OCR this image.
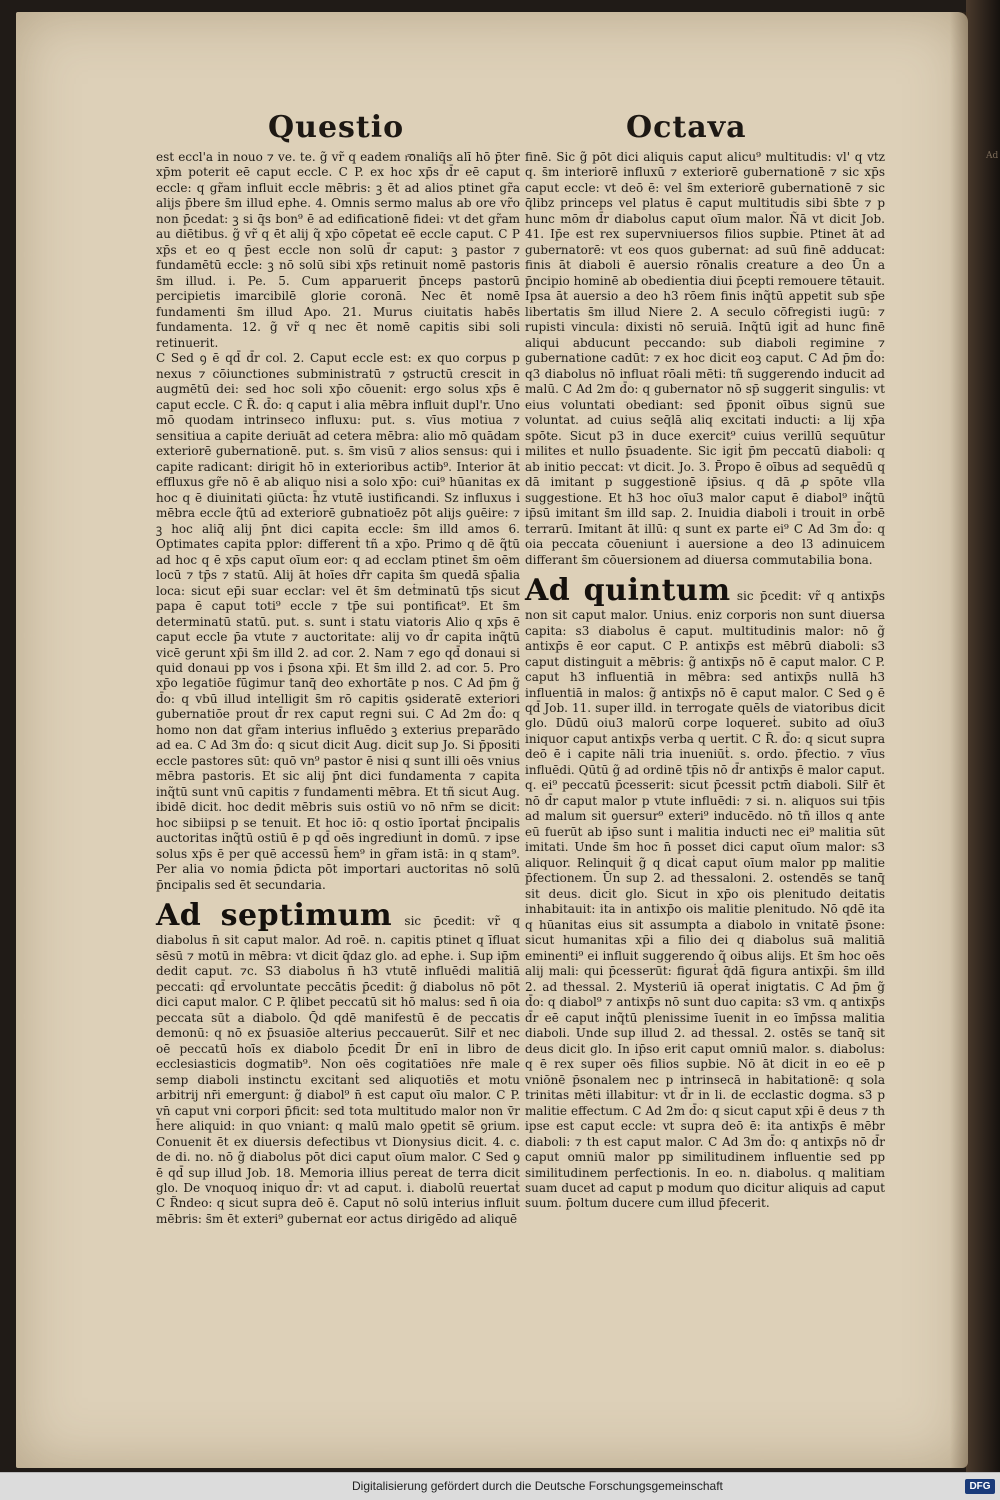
Ad
Questio	Octava

est eccl'a in nouo ⁊ ve. te. g̃ vr̃ q eadem r͞onaliq̄s alī hō p̄ter xp̄m poterit eē caput eccle. C P. ex hoc xp̄s d̄r eē caput eccle: q gr̃am influit eccle mēbris: ꝫ ēt ad alios ptinet gr̃a alijs p̄bere s̄m illud ephe. 4. Omnis sermo malus ab ore vr̃o non p̄cedat: ꝫ si q̄s bon⁹ ē ad edificationē fidei: vt det gr̃am au diētibus. g̃ vr̃ q ēt alij q̃ xp̄o cōpetat eē eccle caput. C P xp̄s et eo q p̄est eccle non solū d̄r caput: ꝫ pastor ⁊ fundamētū eccle: ꝫ nō solū sibi xp̄s retinuit nomē pastoris s̄m illud. i. Pe. 5. Cum apparuerit p̄nceps pastorū percipietis imarcibilē glorie coronā. Nec ēt nomē fundamenti s̄m illud Apo. 21. Murus ciuitatis habēs fundamenta. 12. g̃ vr̃ q nec ēt nomē capitis sibi soli retinuerit.

C Sed ꝯ ē qd̄ d̄r col. 2. Caput eccle est: ex quo corpus p nexus ⁊ cōiunctiones subministratū ⁊ ꝯstructū crescit in augmētū dei: sed hoc soli xp̄o cōuenit: ergo solus xp̄s ē caput eccle. C R̃. d̄o: q caput i alia mēbra influit dupl'r. Uno mō quodam intrinseco influxu: put. s. vīus motiua ⁊ sensitiua a capite deriuāt ad cetera mēbra: alio mō quādam exteriorē gubernationē. put. s. s̄m visū ⁊ alios sensus: qui i capite radicant: dirigit hō in exterioribus actib⁹. Interior āt effluxus gr̃e nō ē ab aliquo nisi a solo xp̄o: cui⁹ hūanitas ex hoc q ē diuinitati ꝯiūcta: h̄z vtutē iustificandi. Sz influxus i mēbra eccle q̃tū ad exteriorē gubnatioēz pōt alijs ꝯuēire: ⁊ ꝫ hoc aliq̄ alij p̄nt dici capita eccle: s̄m illd amos 6. Optimates capita pplor: differenṫ tñ a xp̄o. Primo q dē q̃tū ad hoc q ē xp̄s caput oīum eor: q ad ecclam ptinet s̄m oēm locū ⁊ tp̄s ⁊ statū. Alij āt hoīes dr̄r capita s̄m quedā sp̄alia loca: sicut ep̄i suar ecclar: vel ēt s̄m deṫminatū tp̄s sicut papa ē caput toti⁹ eccle ⁊ tp̄e sui pontificat⁹. Et s̄m determinatū statū. put. s. sunt i statu viatoris Alio q xp̄s ē caput eccle p̄a vtute ⁊ auctoritate: alij vo d̄r capita inq̃tū vicē gerunt xp̄i s̄m illd 2. ad cor. 2. Nam ⁊ ego qd̄ donaui si quid donaui pp vos i p̄sona xp̄i. Et s̄m illd 2. ad cor. 5. Pro xp̄o legatiōe fūgimur tanq̄ deo exhortāte p nos. C Ad p̄m g̃ d̄o: q vbū illud intelligit s̄m rō capitis ꝯsideratē exteriori gubernatiōe prout d̄r rex caput regni sui. C Ad 2m d̄o: q homo non dat gr̃am interius influēdo ꝫ exterius preparādo ad ea. C Ad 3m d̄o: q sicut dicit Aug. dicit sup Jo. Si p̄positi eccle pastores sūt: quō vn⁹ pastor ē nisi q sunt illi oēs vnius mēbra pastoris. Et sic alij p̄nt dici fundamenta ⁊ capita inq̃tū sunt vnū capitis ⁊ fundamenti mēbra. Et tñ sicut Aug. ibidē dicit. hoc dedit mēbris suis ostiū vo nō nr̄m se dicit: hoc sibiipsi p se tenuit. Et hoc iō: q ostio īportaṫ p̄ncipalis auctoritas inq̃tū ostiū ē p qd̄ oēs ingrediunṫ in domū. ⁊ ipse solus xp̄s ē per quē accessū h̄em⁹ in gr̃am istā: in q stam⁹. Per alia vo nomia p̄dicta pōt importari auctoritas nō solū p̄ncipalis sed ēt secundaria.

Ad septimum sic p̄cedit: vr̃ q diabolus n̄ sit caput malor. Ad roē. n. capitis ptinet q īfluat sēsū ⁊ motū in mēbra: vt dicit q̄daz glo. ad ephe. i. Sup ip̄m dedit caput. ⁊c. S3 diabolus n̄ h3 vtutē influēdi malitiā peccati: qd̄ ervoluntate peccātis p̄cedit: g̃ diabolus nō pōt dici caput malor. C P. q̄libet peccatū sit hō malus: sed n̄ oia peccata sūt a diabolo. Q̄d qdē manifestū ē de peccatis demonū: q nō ex p̄suasiōe alterius peccauerūt. Silr̄ et nec oē peccatū hoīs ex diabolo p̄cedit D̄r enī in libro de ecclesiasticis dogmatib⁹. Non oēs cogitatiōes nr̄e male semp diaboli instinctu excitanṫ sed aliquotiēs et motu arbitrij nr̄i emergunt: g̃ diabol⁹ n̄ est caput oīu malor. C P. vn̄ caput vni corpori p̄ficit: sed tota multitudo malor non v̄r h̄ere aliquid: in quo vniant: q malū malo ꝯpetit sē ꝯrium. Conuenit ēt ex diuersis defectibus vt Dionysius dicit. 4. c. de di. no. nō g̃ diabolus pōt dici caput oīum malor. C Sed ꝯ ē qd̄ sup illud Job. 18. Memoria illius pereat de terra dicit glo. De vnoquoq iniquo d̄r: vt ad caput. i. diabolū reuertaṫ C R̃ndeo: q sicut supra deō ē. Caput nō solū interius influit mēbris: s̄m ēt exteri⁹ gubernat eor actus dirigēdo ad aliquē

finē. Sic g̃ pōt dici aliquis caput alicu⁹ multitudis: vl' q vtz q. s̄m interiorē influxū ⁊ exteriorē gubernationē ⁊ sic xp̄s caput eccle: vt deō ē: vel s̄m exteriorē gubernationē ⁊ sic q̄libz princeps vel platus ē caput multitudis sibi s̄bte ⁊ p hunc mōm d̄r diabolus caput oīum malor. Ñā vt dicit Job. 41. Ip̄e est rex supervniuersos filios supbie. Ptinet āt ad gubernatorē: vt eos quos gubernat: ad suū finē adducat: finis āt diaboli ē auersio rōnalis creature a deo Ūn a p̄ncipio hominē ab obedientia diui p̄cepti remouere tētauit. Ipsa āt auersio a deo h3 rōem finis inq̃tū appetit sub sp̄e libertatis s̄m illud Niere 2. A seculo cōfregisti iugū: ⁊ rupisti vincula: dixisti nō seruiā. Inq̃tū igiṫ ad hunc finē aliqui abducunt peccando: sub diaboli regimine ⁊ gubernatione cadūt: ⁊ ex hoc dicit eoꝫ caput. C Ad p̄m d̄o: q3 diabolus nō influat rōali mēti: tñ suggerendo inducit ad malū. C Ad 2m d̄o: q gubernator nō sp̄ suggerit singulis: vt eius voluntati obediant: sed p̄ponit oībus signū sue voluntat. ad cuius seq̄lā aliq excitati inducti: a lij xp̄a spōte. Sicut p3 in duce exercit⁹ cuius verillū sequūtur milites et nullo p̄suadente. Sic igiṫ p̄m peccatū diaboli: q ab initio peccat: vt dicit. Jo. 3. P̄ropo ē oībus ad sequēdū q dā imitant p suggestionē ip̄sius. q dā ꝓ spōte vlla suggestione. Et h3 hoc oīu3 malor caput ē diabol⁹ inq̃tū ip̄sū imitant s̄m illd sap. 2. Inuidia diaboli i trouit in orbē terrarū. Imitant āt illū: q sunt ex parte ei⁹ C Ad 3m d̄o: q oia peccata cōueniunt i auersione a deo l3 adinuicem differant s̄m cōuersionem ad diuersa commutabilia bona.

Ad quintum sic p̄cedit: vr̃ q antixp̄s non sit caput malor. Unius. eniz corporis non sunt diuersa capita: s3 diabolus ē caput. multitudinis malor: nō g̃ antixp̄s ē eor caput. C P. antixp̄s est mēbrū diaboli: s3 caput distinguit a mēbris: g̃ antixp̄s nō ē caput malor. C P. caput h3 influentiā in mēbra: sed antixp̄s nullā h3 influentiā in malos: g̃ antixp̄s nō ē caput malor. C Sed ꝯ ē qd̄ Job. 11. super illd. in terrogate quēls de viatoribus dicit glo. Dūdū oiu3 malorū corpe loquereṫ. subito ad oīu3 iniquor caput antixp̄s verba q uertit. C R̃. d̄o: q sicut supra deō ē i capite nāli tria inueniūṫ. s. ordo. p̄fectio. ⁊ vīus influēdi. Qūtū g̃ ad ordinē tp̄is nō d̄r antixp̄s ē malor caput. q. ei⁹ peccatū p̄cesserit: sicut p̄cessit pctm̄ diaboli. Silr̄ ēt nō d̄r caput malor p vtute influēdi: ⁊ si. n. aliquos sui tp̄is ad malum sit ꝯuersur⁹ exteri⁹ inducēdo. nō tñ illos q ante eū fuerūt ab ip̄so sunt i malitia inducti nec ei⁹ malitia sūt imitati. Unde s̄m hoc n̄ posset dici caput oīum malor: s3 aliquor. Relinquiṫ g̃ q dicaṫ caput oīum malor pp malitie p̄fectionem. Ūn sup 2. ad thessaloni. 2. ostendēs se tanq̄ sit deus. dicit glo. Sicut in xp̄o ois plenitudo deitatis inhabitauit: ita in antixp̄o ois malitie plenitudo. Nō qdē ita q hūanitas eius sit assumpta a diabolo in vnitatē p̄sone: sicut humanitas xp̄i a filio dei q diabolus suā malitiā eminenti⁹ ei influit suggerendo q̃ oibus alijs. Et s̄m hoc oēs alij mali: qui p̄cesserūt: figuraṫ q̄dā figura antixp̄i. s̄m illd 2. ad thessal. 2. Mysteriū iā operaṫ inigtatis. C Ad p̄m g̃ d̄o: q diabol⁹ ⁊ antixp̄s nō sunt duo capita: s3 vm. q antixp̄s d̄r eē caput inq̃tū plenissime īuenit in eo īmp̄ssa malitia diaboli. Unde sup illud 2. ad thessal. 2. ostēs se tanq̄ sit deus dicit glo. In ip̄so erit caput omniū malor. s. diabolus: q ē rex super oēs filios supbie. Nō āt dicit in eo eē p vniōnē p̄sonalem nec p intrinsecā in habitationē: q sola trinitas mēti illabitur: vt d̄r in li. de ecclastic dogma. s3 p malitie effectum. C Ad 2m d̄o: q sicut caput xp̄i ē deus ⁊ th ipse est caput eccle: vt supra deō ē: ita antixp̄s ē mēbr diaboli: ⁊ th est caput malor. C Ad 3m d̄o: q antixp̄s nō d̄r caput omniū malor pp similitudinem influentie sed pp similitudinem perfectionis. In eo. n. diabolus. q malitiam suam ducet ad caput p modum quo dicitur aliquis ad caput suum. p̄oltum ducere cum illud p̄fecerit.
Digitalisierung gefördert durch die Deutsche Forschungsgemeinschaft	DFG
